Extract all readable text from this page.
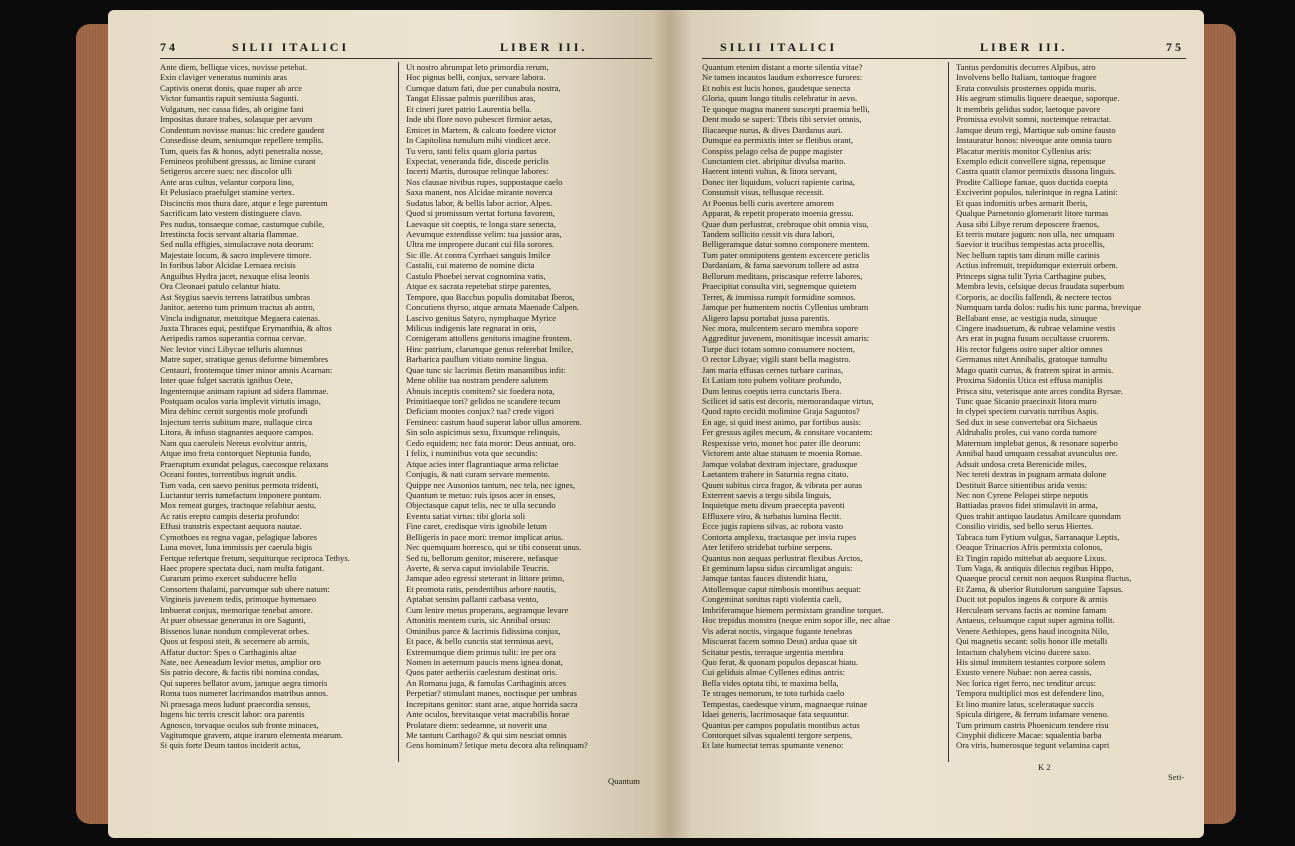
74	SILII ITALICI	LIBER III.
Ante diem, bellique vices, novisse petebat.
Exin claviger veneratus numinis aras
Captivis onerat donis, quae nuper ab arce
Victor fumantis rapuit semiusta Sagunti.
Vulgatum, nec cassa fides, ab origine fani
Impositas durare trabes, solasque per aevum
Condentum novisse manus: hic credere gaudent
Consedisse deum, seniumque repellere templis.
Tum, queis fas & honos, adyti penetralia nosse,
Femineos prohibent gressus, ac limine curant
Setigeros arcere sues: nec discolor ulli
Ante aras cultus, velantur corpora lino,
Et Pelusiaco praefulget stamine vertex.
Discinctis mos thura dare, atque e lege parentum
Sacrificam lato vestem distinguere clavo.
Pes nudus, tonsaeque comae, castumque cubile,
Irrestincta focis servant altaria flammae.
Sed nulla effigies, simulacrave nota deorum:
Majestate locum, & sacro implevere timore.
In foribus labor Alcidae Lernaea recisis
Anguibus Hydra jacet, nexuque elisa leonis
Ora Cleonaei patulo celantur hiatu.
Ast Stygius saevis terrens latratibus umbras
Janitor, aeterno tum primum tractus ab antro,
Vincla indignatur, metuitque Megaera catenas.
Juxta Thraces equi, pestifque Erymanthia, & altos
Aeripedis ramos superantia cornua cervae.
Nec levior vinci Libycae telluris alumnus
Matre super, stratique genus deforme bimembres
Centauri, frontemque timer minor amnis Acarnan:
Inter quae fulget sacratis ignibus Oete,
Ingentemque animam rapiunt ad sidera flammae.
Postquam oculos varia implevit virtutis imago,
Mira dehinc cernit surgentis mole profundi
Injectum terris subitum mare, nullaque circa
Litora, & infuso stagnantes aequore campos.
Nam qua caeruleis Nereus evolvitur antris,
Atque imo freta contorquet Neptunia fundo,
Praeruptum exundat pelagus, caecosque relaxans
Oceani fontes, torrentibus ingruit undis.
Tum vada, cen saevo penitus permota tridenti,
Luctantur terris tumefactum imponere pontum.
Mox remeat gurges, tractoque relabitur aestu,
Ac ratis erepto campis deserta profundo:
Effusi transtris expectant aequora nautae.
Cymothoes ea regna vagae, pelagique labores
Luna movet, luna immissis per caerula bigis
Fertque refertque fretum, sequiturque reciproca Tethys.
Haec propere spectata duci, nam multa fatigant.
Curarum primo exercet subducere bello
Consortem thalami, parvumque sub ubere natum:
Virgineis juvenem tedis, primoque hymenaeo
Imbuerat conjux, memorique tenebat amore.
At puer obsessae generatus in ore Sagunti,
Bissenos lunae nondum compleverat orbes.
Quos ut fesposi steit, & secernere ab armis,
Affatur ductor: Spes o Carthaginis altae
Nate, nec Aeneadum levior metus, amplior oro
Sis patrio decore, & factis tibi nomina condas,
Qui superes bellator avum, jamque aegra timoris
Roma tuos numeret lacrimandos matribus annos.
Ni praesaga meos ludunt praecordia sensus,
Ingens hic terris crescit labor: ora parentis
Agnosco, torvaque oculos sub fronte minaces,
Vagitumque gravem, atque irarum elementa mearum.
Si quis forte Deum tantos inciderit actus,
Ut nostro abrumpat leto primordia rerum,
Hoc pignus belli, conjux, servare labora.
Cumque datum fati, due per cunabula nostra,
Tangat Elissae palmis puerilibus aras,
Et cineri juret patrio Laurentia bella.
Inde ubi flore novo pubescet firmior aetas,
Emicet in Martem, & calcato foedere victor
In Capitolina tumulum mihi vindicet arce.
Tu vero, tanti felix quam gloria partus
Expectat, veneranda fide, discede periclis
Incerti Martis, durosque relinque labores:
Nos clausae nivibus rupes, suppostaque caelo
Saxa manent, nos Alcidae mirante noverca
Sudatus labor, & bellis labor acrior, Alpes.
Quod si promissum vertat fortuna favorem,
Laevaque sit coeptis, te longa stare senecta,
Aevumque extendisse velim: tua jussior aras,
Ultra me impropere ducant cui fila sorores.
Sic ille. At contra Cyrrhaei sanguis Imilce
Castalii, cui materno de nomine dicta
Castulo Phoebei servat cognomina vatis,
Atque ex sacrata repetebat stirpe parentes,
Tempore, quo Bacchus populis domitabat Iberos,
Concutiens thyrso, atque armata Maenade Calpen.
Lascivo genitus Satyro, nymphaque Myrice
Milicus indigenis late regnarat in oris,
Cornigeram attollens genitoris imagine frontem.
Hinc patrium, clarumque genus referebat Imilce,
Barbarica paullum vitiato nomine lingua.
Quae tunc sic lacrimis fletim manantibus infit:
Mene oblite tua nostram pendere salutem
Abnuis inceptis comitem? sic foedera nota,
Primitiaeque tori? gelidos ne scandere tecum
Deficiam montes conjux? tua? crede vigori
Femineo: castum haud superat labor ullus amorem.
Sin solo aspicimus sexu, fixumque relinquis,
Cedo equidem; nec fata moror: Deus annuat, oro.
I felix, i numinibus vota que secundis:
Atque acies inter flagrantiaque arma relictae
Conjugis, & nati curam servare memento.
Quippe nec Ausonios tantum, nec tela, nec ignes,
Quantum te metuo: ruis ipsos acer in enses,
Objectasque caput telis, nec te ulla secundo
Eventu satiat virtus: tibi gloria soli
Fine caret, credisque viris ignobile letum
Belligeris in pace mori: tremor implicat artus.
Nec quemquam horresco, qui se tibi conserat unus.
Sed tu, bellorum genitor, miserere, nefasque
Averte, & serva caput inviolabile Teucris.
Jamque adeo egressi steterant in littore primo,
Et promota ratis, pendentibus arbore nautis,
Aptabat sensim pallanti carbasa vento,
Cum lenire metus properans, aegramque levare
Attonitis mentem curis, sic Annibal orsus:
Ominibus parce & lacrimis fidissima conjux,
Et pace, & bello cunctis stat terminus aevi,
Extremumque diem primus tulit: ire per ora
Nomen in aeternum paucis mens ignea donat,
Quos pater aetheriis caelestum destinat oris.
An Romana juga, & famulas Carthaginis arces
Perpetiar? stimulant manes, noctisque per umbras
Increpitans genitor: stant arae, atque horrida sacra
Ante oculos, brevitasque vetat macrabilis horae
Prolatare diem: sedeamne, ut noverit una
Me tantum Carthago? & qui sim nesciat omnis
Gens hominum? letique metu decora alta relinquam?
Quantum
SILII ITALICI	LIBER III.	75
Quantum etenim distant a morte silentia vitae?
Ne tamen incautos laudum exhorresce furores:
Et nobis est lucis honos, gaudetque senecta
Gloria, quum longo titulis celebratur in aevo.
Te quoque magna manent suscepti praemia belli,
Dent modo se superi: Tibris tibi serviet omnis,
Iliacaeque nurus, & dives Dardanus auri.
Dumque ea permixtis inter se fletibus orant,
Conspiss pelago celsa de puppe magister
Cunctantem ciet. abripitur divulsa marito.
Haerent intenti vultus, & litora servant,
Donec iter liquidum, volucri rapiente carina,
Consumsit visus, tellusque recessit.
At Poenus belli curis avertere amorem
Apparat, & repetit properato moenia gressu.
Quae dum perlustrat, crebroque obit omnia visu,
Tandem sollicito cessit vis dura labori,
Belligeramque datur somno componere mentem.
Tum pater omnipotens gentem excercere periclis
Dardaniam, & fama saevorum tollere ad astra
Bellorum meditans, priscasque referre labores,
Praecipitat consulta viri, segnemque quietem
Terret, & immissa rumpit formidine somnos.
Jamque per humentem noctis Cyllenius umbram
Aligero lapsu portabat jussa parentis.
Nec mora, mulcentem securo membra sopore
Aggreditur juvenem, monitisque incessit amaris:
Turpe duci totam somno consumere noctem,
O rector Libyae; vigili stant bella magistro.
Jam maria effusas cernes turbare carinas,
Et Latiam toto pubem volitare profundo,
Dum lentus coeptis terra cunctaris Ibera.
Scilicet id satis est decoris, memorandaque virtus,
Quod rapto cecidit molimine Graja Saguntos?
En age, si quid inest animo, par fortibus ausis:
Fer gressus agiles mecum, & consitare vocantem:
Respexisse veto, monet hoc pater ille deorum:
Victorem ante altae statuam te moenia Romae.
Jamque volabat dextram injectare, gradusque
Laetantem trahere in Saturnia regna citato.
Quum subitus circa fragor, & vibrata per auras
Exterrent saevis a tergo sibila linguis,
Inquietque metu divum praecepta paventi
Effluxere viro, & turbatus lumina flectit.
Ecce jugis rapiens silvas, ac robora vasto
Contorta amplexu, tractasque per invia rupes
Ater letifero stridebat turbine serpens.
Quantus non aequas perlustrat flexibus Arctos,
Et geminum lapsu sidus circumligat anguis:
Jamque tantas fauces distendit hiatu,
Attollensque caput nimbosis montibus aequat:
Congeminat sonitus rapti violentia caeli,
Imbriferamque hiemem permixtam grandine torquet.
Hoc trepidus monstro (neque enim sopor ille, nec altae
Vis aderat noctis, virgaque fugante tenebras
Miscuerat facem somno Deus) ardua quae sit
Scitatur pestis, terraque urgentia membra
Quo ferat, & quonam populos depascat hiatu.
Cui geliduis almae Cyllenes editus antris:
Bella vides optata tibi, te maxima bella,
Te strages nemorum, te toto turbida caelo
Tempestas, caedesque virum, magnaeque ruinae
Idaei generis, lacrimosaque fata sequuntur.
Quantus per campos populatis montibus actus
Contorquet silvas squalenti tergore serpens,
Et late humectat terras spumante veneno:
Tantus perdomitis decurres Alpibus, atro
Involvens bello Italiam, tantoque fragore
Eruta convulsis prosternes oppida muris.
His aegrum stimulis liquere deaeque, soporque.
It membris gelidus sudor, laetoque pavore
Promissa evolvit somni, noctemque retractat.
Jamque deum regi, Martique sub omine fausto
Instauratur honos: niveoque ante omnia tauro
Placatur meritis monitor Cyllenius aris:
Exemplo edicit convellere signa, repensque
Castra quatit clamor permixtis dissona linguis.
Prodite Calliope famae, quos ductida coepta
Exciverint populos, tulerintque in regna Latini:
Et quas indomitis urbes armarit Iberis,
Qualque Parnetonio glomerarit litore turmas
Ausa sibi Libye rerum deposcere fraenos,
Et terris mutare jugum: non ulla, nec umquam
Saevior it trucibus tempestas acta procellis,
Nec bellum raptis tam dirum mille carinis
Actius infremuit, trepidumque exterruit orbem.
Princeps signa tulit Tyria Carthagine pubes,
Membra levis, celsique decus fraudata superbum
Corporis, ac docilis fallendi, & nectere tectos
Numquam tarda dolos: rudis his tunc parma, brevique
Bellabant ense, ac vestigia nuda, sinuque
Cingere inadsuetum, & rubrae velamine vestis
Ars erat in pugna fusum occultasse cruorem.
His rector fulgens ostro super altior omnes
Germanus nitet Annibalis, gratoque tumultu
Mago quatit currus, & fratrem spirat in armis.
Proxima Sidoniis Utica est effusa maniplis
Prisca situ, veterisque ante arces condita Byrsae.
Tunc quae Sicanio praecinxit litora muro
In clypei speciem curvatis turribus Aspis.
Sed dux in sese convertebat ora Sichaeus
Aldrubalis proles, cui vano corda tumore
Maternum implebat genus, & resonare superbo
Annibal haud umquam cessabat avunculus ore.
Adsuit undosa creta Berenicide miles,
Nec tereti dextras in pugnam armata dolone
Destituit Barce sitientibus arida venis:
Nec non Cyrene Pelopei stirpe nepotis
Battiadas pravos fidei stimulavit in arma,
Quos trahit antiquo laudatus Amilcare quondam
Consilio viridis, sed bello serus Hiertes.
Tabraca tum Fytium vulgus, Sarranaque Leptis,
Oeaque Trinacrios Afris permixta colonos,
Et Tingin rapido mittebat ab aequore Lixus.
Tum Vaga, & antiquis dilectus regibus Hippo,
Quaeque procul cernit non aequos Ruspina fluctus,
Et Zama, & uberior Rutulorum sanguine Tapsus.
Ducit tot populos ingens & corpore & armis
Herculeam servans factis ac nomine famam
Antaeus, celsumque caput super agmina tollit.
Venere Aethiopes, gens haud incognita Nilo,
Qui magnetis secant: solis honor ille metalli
Intactum chalybem vicino ducere saxo.
His simul immitem testantes corpore solem
Exusto venere Nubae: non aerea cassis,
Nec lorica riget ferro, nec tenditur arcus:
Tempora multiplici mos est defendere lino,
Et lino munire latus, scelerataque succis
Spicula dirigere, & ferrum infamare veneno.
Tum primum castris Phoenicum tendere risu
Cinyphii didicere Macae: squalentia barba
Ora viris, humerosque tegunt velamina capri
K 2
Seti-
